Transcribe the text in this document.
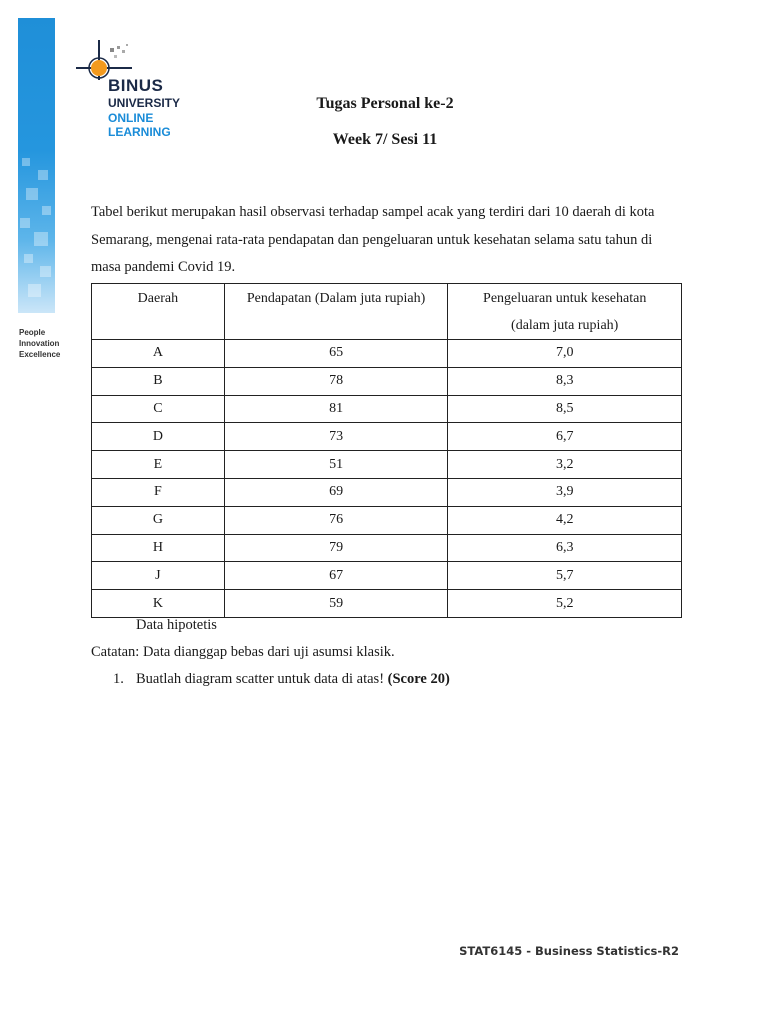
People
Innovation
Excellence
BINUS
UNIVERSITY
ONLINE
LEARNING
Tugas Personal ke-2
Week 7/ Sesi 11

Tabel berikut merupakan hasil observasi terhadap sampel acak yang terdiri dari 10 daerah di kota Semarang, mengenai rata-rata pendapatan dan pengeluaran untuk kesehatan selama satu tahun di masa pandemi Covid 19.

Daerah	Pendapatan (Dalam juta rupiah)	Pengeluaran untuk kesehatan
(dalam juta rupiah)

A	65	7,0
B	78	8,3
C	81	8,5
D	73	6,7
E	51	3,2
F	69	3,9
G	76	4,2
H	79	6,3
J	67	5,7
K	59	5,2
Data hipotetis
Catatan: Data dianggap bebas dari uji asumsi klasik.
1. Buatlah diagram scatter untuk data di atas! (Score 20)
STAT6145 - Business Statistics-R2
